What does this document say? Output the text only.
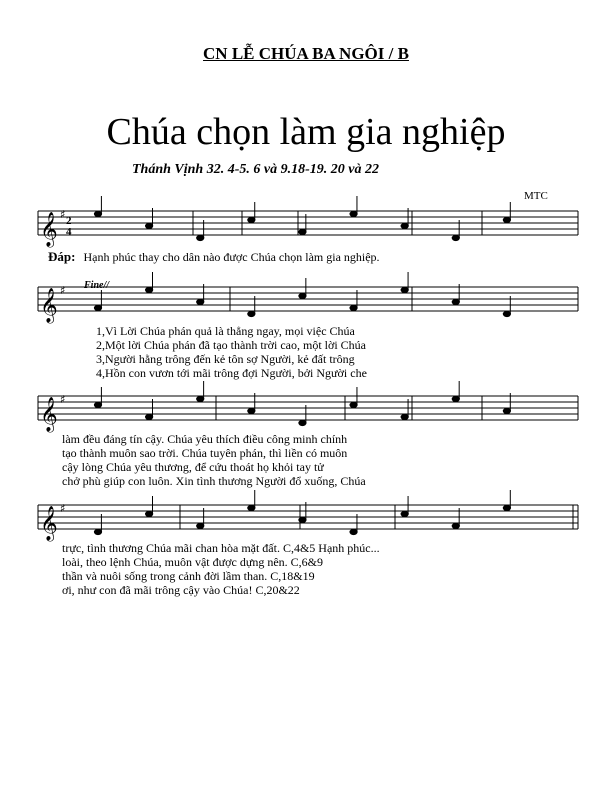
CN LỄ CHÚA BA NGÔI / B
Chúa chọn làm gia nghiệp
Thánh Vịnh 32. 4-5. 6 và 9.18-19. 20 và 22
MTC
Fine//
𝄞 ♯
𝄞 ♯
𝄞 ♯
𝄞 ♯
2
4
Đáp: Hạnh phúc thay cho dân nào được Chúa chọn làm gia nghiệp.
1,Vì Lời Chúa phán quả là thẳng ngay, mọi việc Chúa
2,Một lời Chúa phán đã tạo thành trời cao, một lời Chúa
3,Người hằng trông đến kẻ tôn sợ Người, kẻ đất trông
4,Hồn con vươn tới mãi trông đợi Người, bởi Người che
làm đều đáng tín cậy. Chúa yêu thích điều công minh chính
tạo thành muôn sao trời. Chúa tuyên phán, thì liền có muôn
cậy lòng Chúa yêu thương, để cứu thoát họ khỏi tay tử
chở phù giúp con luôn. Xin tình thương Người đổ xuống, Chúa
trực, tình thương Chúa mãi chan hòa mặt đất. C,4&5 Hạnh phúc...
loài, theo lệnh Chúa, muôn vật được dựng nên. C,6&9
thần và nuôi sống trong cảnh đời lầm than. C,18&19
ơi, như con đã mãi trông cậy vào Chúa! C,20&22
